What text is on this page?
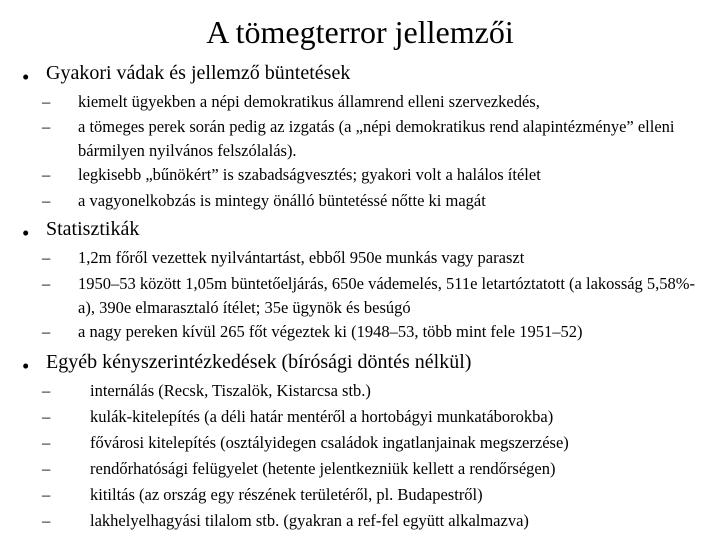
A tömegterror jellemzői
• Gyakori vádak és jellemző büntetések
– kiemelt ügyekben a népi demokratikus államrend elleni szervezkedés,
– a tömeges perek során pedig az izgatás (a „népi demokratikus rend alapintézménye” elleni bármilyen nyilvános felszólalás).
– legkisebb „bűnökért” is szabadságvesztés; gyakori volt a halálos ítélet
– a vagyonelkobzás is mintegy önálló büntetéssé nőtte ki magát
• Statisztikák
– 1,2m főről vezettek nyilvántartást, ebből 950e munkás vagy paraszt
– 1950–53 között 1,05m büntetőeljárás, 650e vádemelés, 511e letartóztatott (a lakosság 5,58%-a), 390e elmarasztaló ítélet; 35e ügynök és besúgó
– a nagy pereken kívül 265 főt végeztek ki (1948–53, több mint fele 1951–52)
• Egyéb kényszerintézkedések (bírósági döntés nélkül)
– internálás (Recsk, Tiszalök, Kistarcsa stb.)
– kulák-kitelepítés (a déli határ mentéről a hortobágyi munkatáborokba)
– fővárosi kitelepítés (osztályidegen családok ingatlanjainak megszerzése)
– rendőrhatósági felügyelet (hetente jelentkezniük kellett a rendőrségen)
– kitiltás (az ország egy részének területéről, pl. Budapestről)
– lakhelyelhagyási tilalom stb. (gyakran a ref-fel együtt alkalmazva)
